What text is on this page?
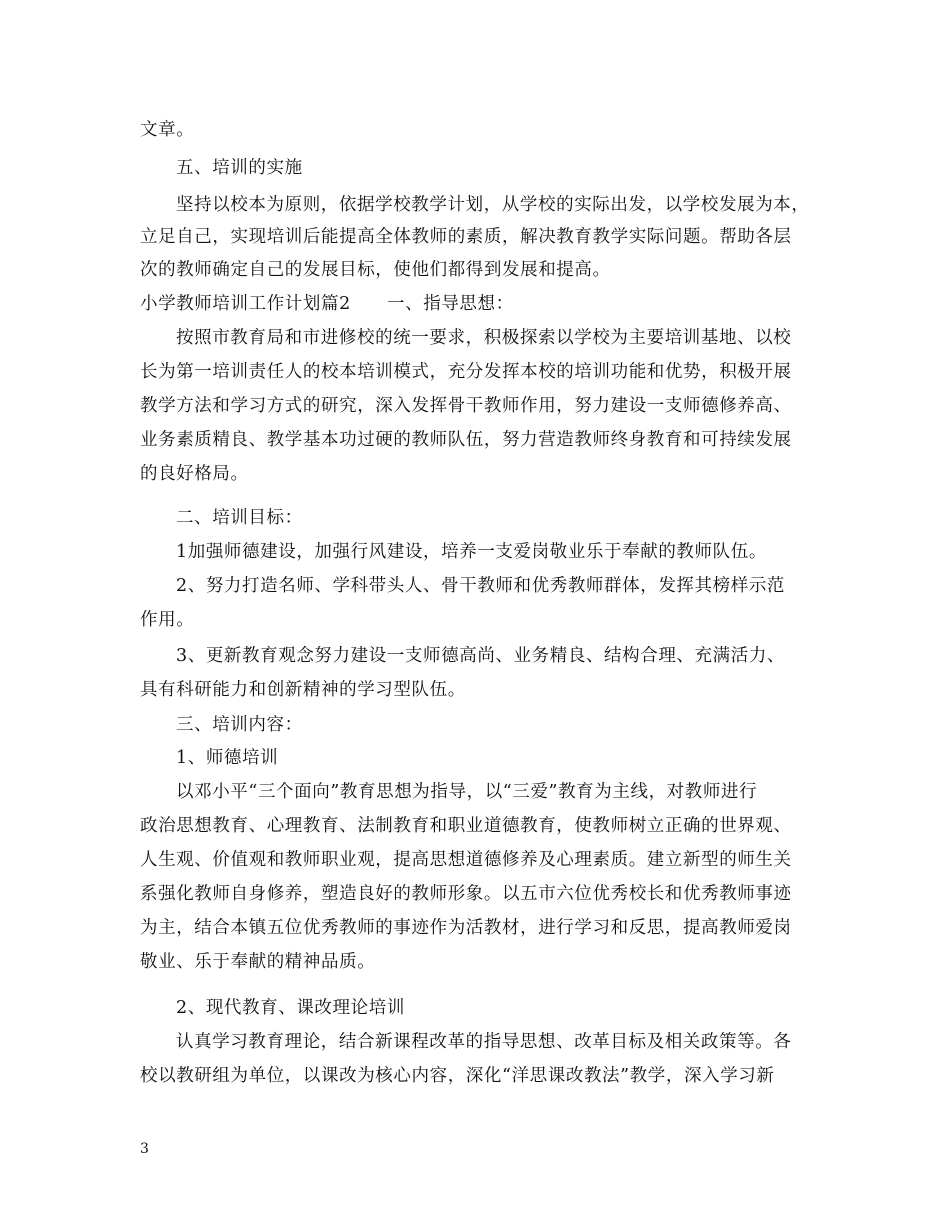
文章。
五、培训的实施
坚持以校本为原则，依据学校教学计划，从学校的实际出发，以学校发展为本，
立足自己，实现培训后能提高全体教师的素质，解决教育教学实际问题。帮助各层
次的教师确定自己的发展目标，使他们都得到发展和提高。
小学教师培训工作计划篇2　　一、指导思想：
按照市教育局和市进修校的统一要求，积极探索以学校为主要培训基地、以校
长为第一培训责任人的校本培训模式，充分发挥本校的培训功能和优势，积极开展
教学方法和学习方式的研究，深入发挥骨干教师作用，努力建设一支师德修养高、
业务素质精良、教学基本功过硬的教师队伍，努力营造教师终身教育和可持续发展
的良好格局。
二、培训目标：
1加强师德建设，加强行风建设，培养一支爱岗敬业乐于奉献的教师队伍。
2、努力打造名师、学科带头人、骨干教师和优秀教师群体，发挥其榜样示范
作用。
3、更新教育观念努力建设一支师德高尚、业务精良、结构合理、充满活力、
具有科研能力和创新精神的学习型队伍。
三、培训内容：
1、师德培训
以邓小平“三个面向”教育思想为指导，以“三爱”教育为主线，对教师进行
政治思想教育、心理教育、法制教育和职业道德教育，使教师树立正确的世界观、
人生观、价值观和教师职业观，提高思想道德修养及心理素质。建立新型的师生关
系强化教师自身修养，塑造良好的教师形象。以五市六位优秀校长和优秀教师事迹
为主，结合本镇五位优秀教师的事迹作为活教材，进行学习和反思，提高教师爱岗
敬业、乐于奉献的精神品质。
2、现代教育、课改理论培训
认真学习教育理论，结合新课程改革的指导思想、改革目标及相关政策等。各
校以教研组为单位，以课改为核心内容，深化“洋思课改教法”教学，深入学习新
3
